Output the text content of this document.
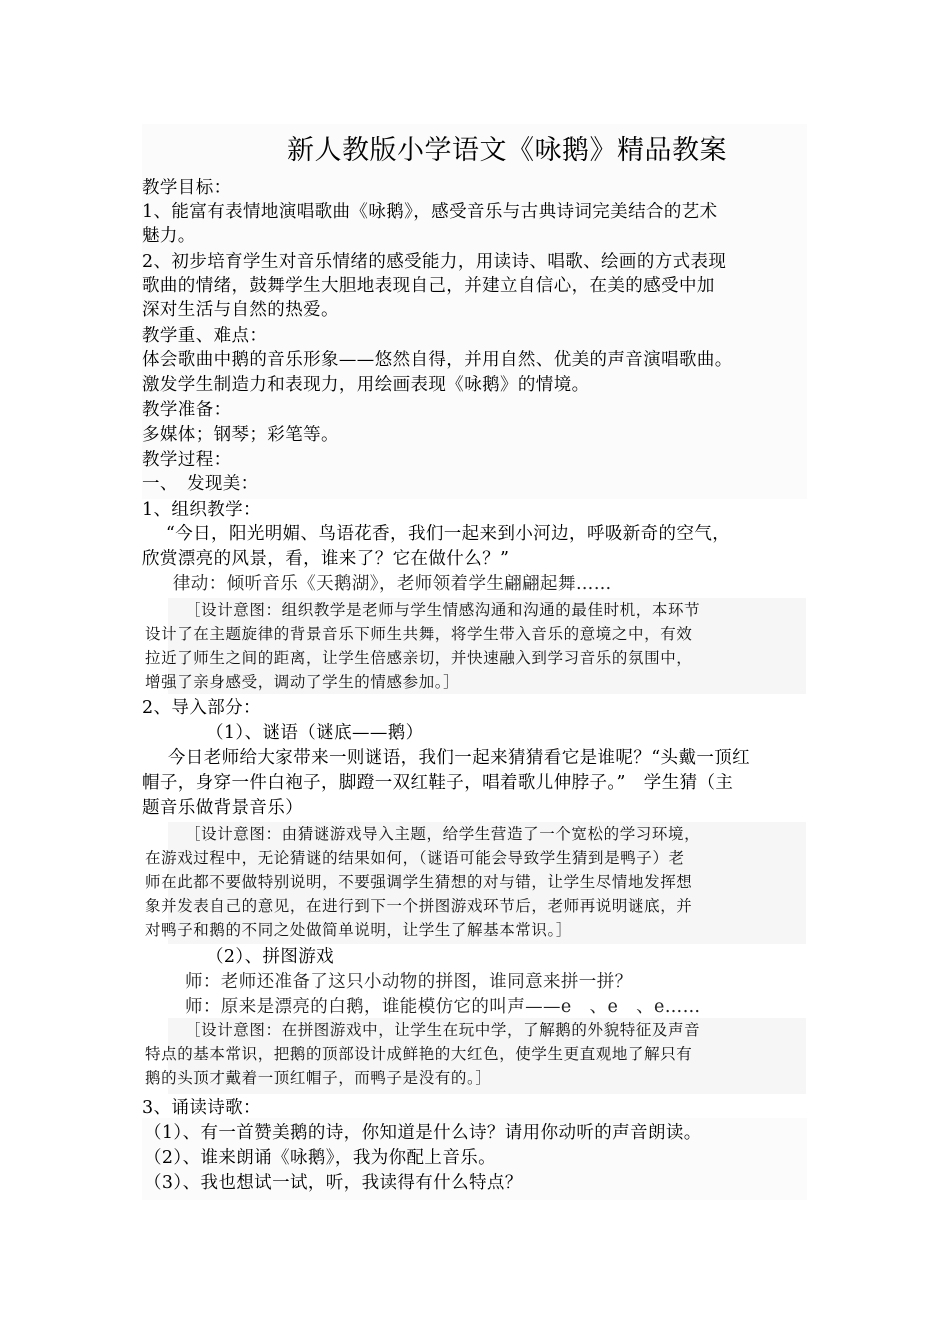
新人教版小学语文《咏鹅》精品教案
教学目标：
1、能富有表情地演唱歌曲《咏鹅》，感受音乐与古典诗词完美结合的艺术
魅力。
2、初步培育学生对音乐情绪的感受能力，用读诗、唱歌、绘画的方式表现
歌曲的情绪，鼓舞学生大胆地表现自己，并建立自信心，在美的感受中加
深对生活与自然的热爱。
教学重、难点：
体会歌曲中鹅的音乐形象——悠然自得，并用自然、优美的声音演唱歌曲。
激发学生制造力和表现力，用绘画表现《咏鹅》的情境。
教学准备：
多媒体；钢琴；彩笔等。
教学过程：
一、　发现美：
1、组织教学：
　“今日，阳光明媚、鸟语花香，我们一起来到小河边，呼吸新奇的空气，
欣赏漂亮的风景，看，谁来了？它在做什么？”
　律动：倾听音乐《天鹅湖》，老师领着学生翩翩起舞……
［设计意图：组织教学是老师与学生情感沟通和沟通的最佳时机，本环节
设计了在主题旋律的背景音乐下师生共舞，将学生带入音乐的意境之中，有效
拉近了师生之间的距离，让学生倍感亲切，并快速融入到学习音乐的氛围中，
增强了亲身感受，调动了学生的情感参加。］
2、导入部分：
（1）、谜语（谜底——鹅）
　今日老师给大家带来一则谜语，我们一起来猜猜看它是谁呢？“头戴一顶红
帽子，身穿一件白袍子，脚蹬一双红鞋子，唱着歌儿伸脖子。”　学生猜（主
题音乐做背景音乐）
［设计意图：由猜谜游戏导入主题，给学生营造了一个宽松的学习环境，
在游戏过程中，无论猜谜的结果如何，（谜语可能会导致学生猜到是鸭子）老
师在此都不要做特别说明，不要强调学生猜想的对与错，让学生尽情地发挥想
象并发表自己的意见，在进行到下一个拼图游戏环节后，老师再说明谜底，并
对鸭子和鹅的不同之处做简单说明，让学生了解基本常识。］
（2）、拼图游戏
师：老师还准备了这只小动物的拼图，谁同意来拼一拼？
师：原来是漂亮的白鹅，谁能模仿它的叫声——e　、e　、e……
［设计意图：在拼图游戏中，让学生在玩中学，了解鹅的外貌特征及声音
特点的基本常识，把鹅的顶部设计成鲜艳的大红色，使学生更直观地了解只有
鹅的头顶才戴着一顶红帽子，而鸭子是没有的。］
3、诵读诗歌：
（1）、有一首赞美鹅的诗，你知道是什么诗？请用你动听的声音朗读。
（2）、谁来朗诵《咏鹅》，我为你配上音乐。
（3）、我也想试一试，听，我读得有什么特点？
